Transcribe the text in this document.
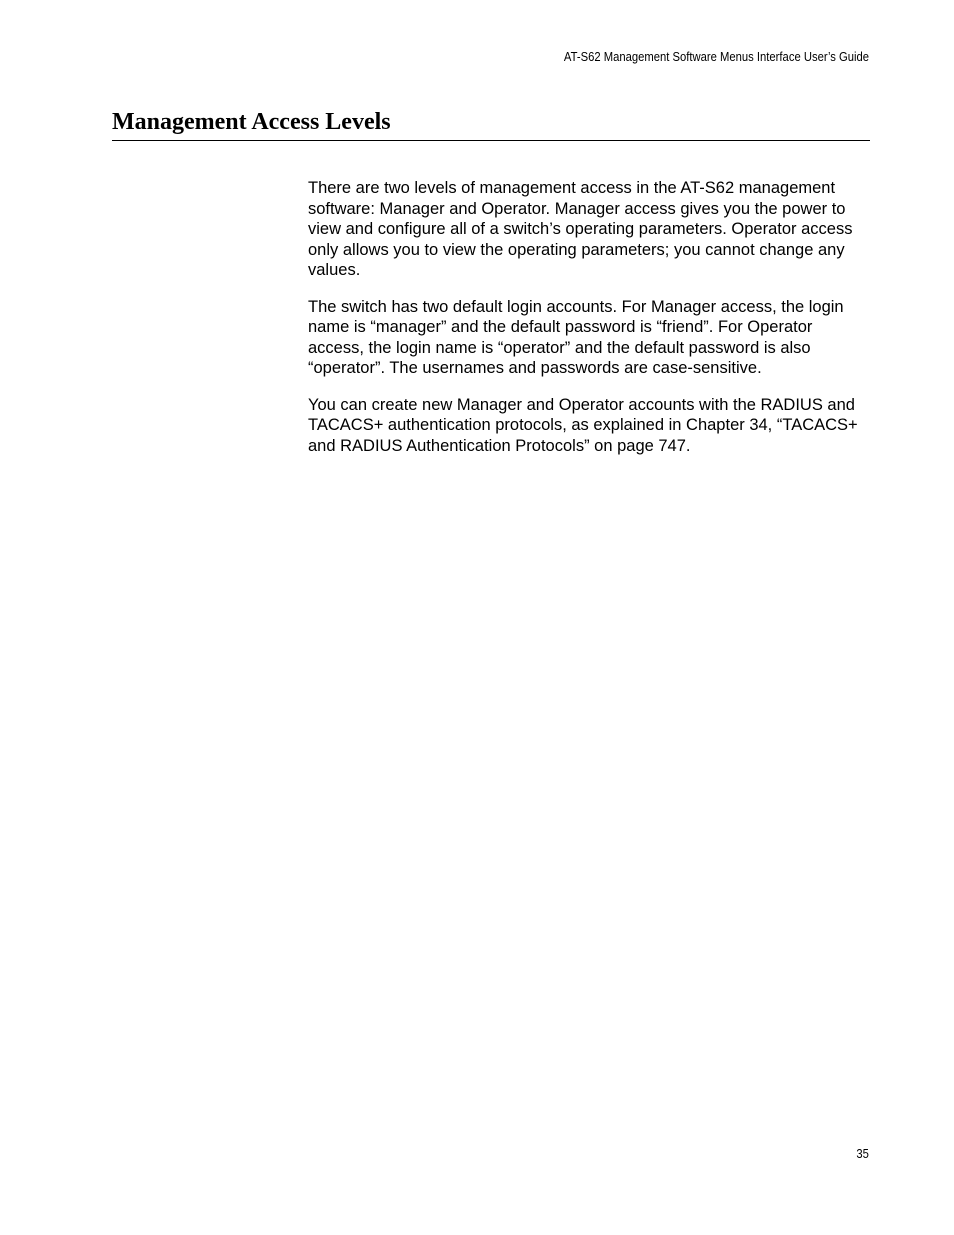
AT-S62 Management Software Menus Interface User’s Guide
Management Access Levels

There are two levels of management access in the AT-S62 management software: Manager and Operator. Manager access gives you the power to view and configure all of a switch’s operating parameters. Operator access only allows you to view the operating parameters; you cannot change any values.

The switch has two default login accounts. For Manager access, the login name is “manager” and the default password is “friend”. For Operator access, the login name is “operator” and the default password is also “operator”. The usernames and passwords are case-sensitive.

You can create new Manager and Operator accounts with the RADIUS and TACACS+ authentication protocols, as explained in Chapter 34, “TACACS+ and RADIUS Authentication Protocols” on page 747.

35
